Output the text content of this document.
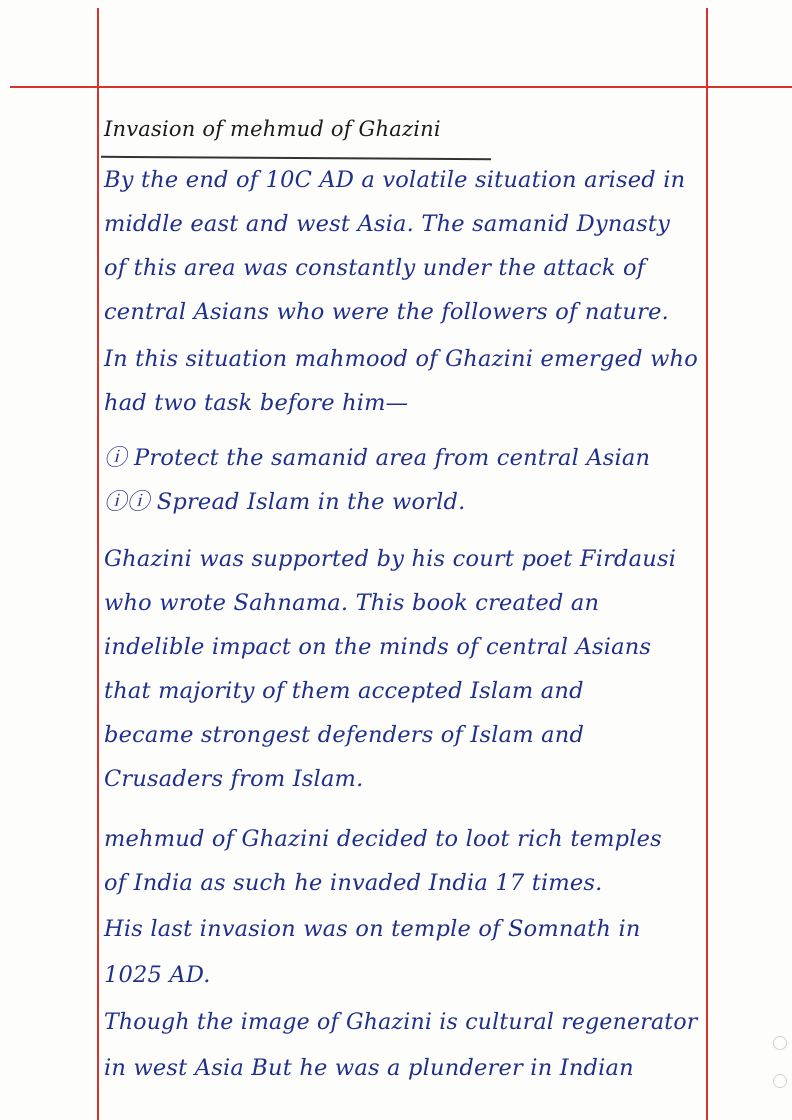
Invasion of mehmud of Ghazini
By the end of 10C AD a volatile situation arised in
middle east and west Asia. The samanid Dynasty
of this area was constantly under the attack of
central Asians who were the followers of nature.
In this situation mahmood of Ghazini emerged who
had two task before him—
ⓘ Protect the samanid area from central Asian
ⓘⓘ Spread Islam in the world.
Ghazini was supported by his court poet Firdausi
who wrote Sahnama. This book created an
indelible impact on the minds of central Asians
that majority of them accepted Islam and
became strongest defenders of Islam and
Crusaders from Islam.
mehmud of Ghazini decided to loot rich temples
of India as such he invaded India 17 times.
His last invasion was on temple of Somnath in
1025 AD.
Though the image of Ghazini is cultural regenerator
in west Asia But he was a plunderer in Indian
